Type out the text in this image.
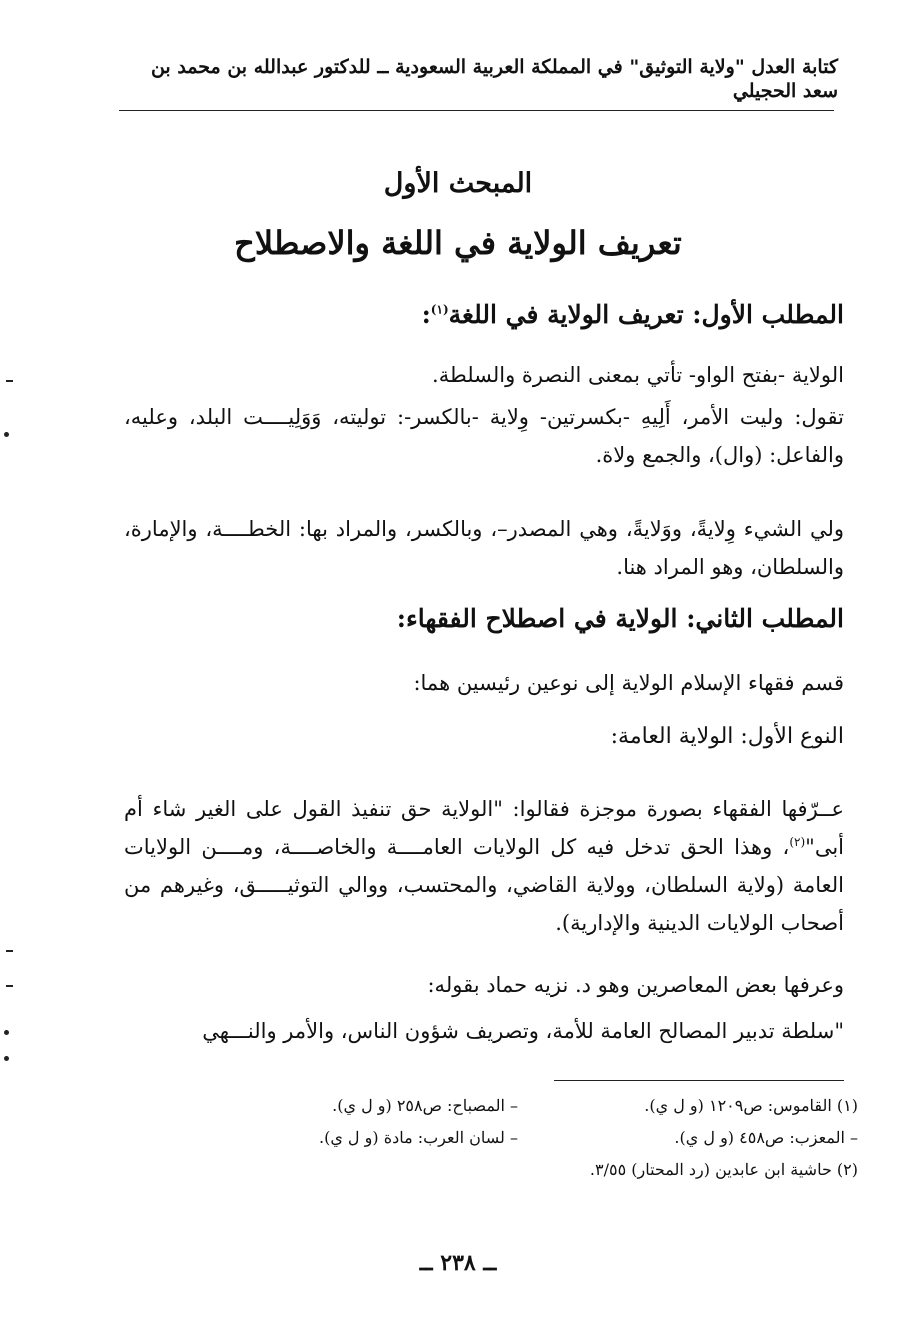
كتابة العدل "ولاية التوثيق" في المملكة العربية السعودية ــ للدكتور عبدالله بن محمد بن سعد الحجيلي
المبحث الأول
تعريف الولاية في اللغة والاصطلاح
المطلب الأول: تعريف الولاية في اللغة$^{(١)}$:
الولاية -بفتح الواو- تأتي بمعنى النصرة والسلطة.
تقول: وليت الأمر، أَلِيهِ -بكسرتين- وِلاية -بالكسر-: توليته، وَوَلِيــــت البلد، وعليه، والفاعل: (وال)، والجمع ولاة.
ولي الشيء وِلايةً، ووَلايةً، وهي المصدر–، وبالكسر، والمراد بها: الخطــــة، والإمارة، والسلطان، وهو المراد هنا.
المطلب الثاني: الولاية في اصطلاح الفقهاء:
قسم فقهاء الإسلام الولاية إلى نوعين رئيسين هما:
النوع الأول: الولاية العامة:
عــرّفها الفقهاء بصورة موجزة فقالوا: "الولاية حق تنفيذ القول على الغير شاء أم أبى"$^{(٢)}$، وهذا الحق تدخل فيه كل الولايات العامــــة والخاصــــة، ومــــن الولايات العامة (ولاية السلطان، وولاية القاضي، والمحتسب، ووالي التوثيـــــق، وغيرهم من أصحاب الولايات الدينية والإدارية).
وعرفها بعض المعاصرين وهو د. نزيه حماد بقوله:
"سلطة تدبير المصالح العامة للأمة، وتصريف شؤون الناس، والأمر والنـــهي
(١) القاموس: ص١٢٠٩ (و ل ي).
– المصباح: ص٢٥٨ (و ل ي).
– المعزب: ص٤٥٨ (و ل ي).
– لسان العرب: مادة (و ل ي).
(٢) حاشية ابن عابدين (رد المحتار) ٣/٥٥.
ــ ٢٣٨ ــ
